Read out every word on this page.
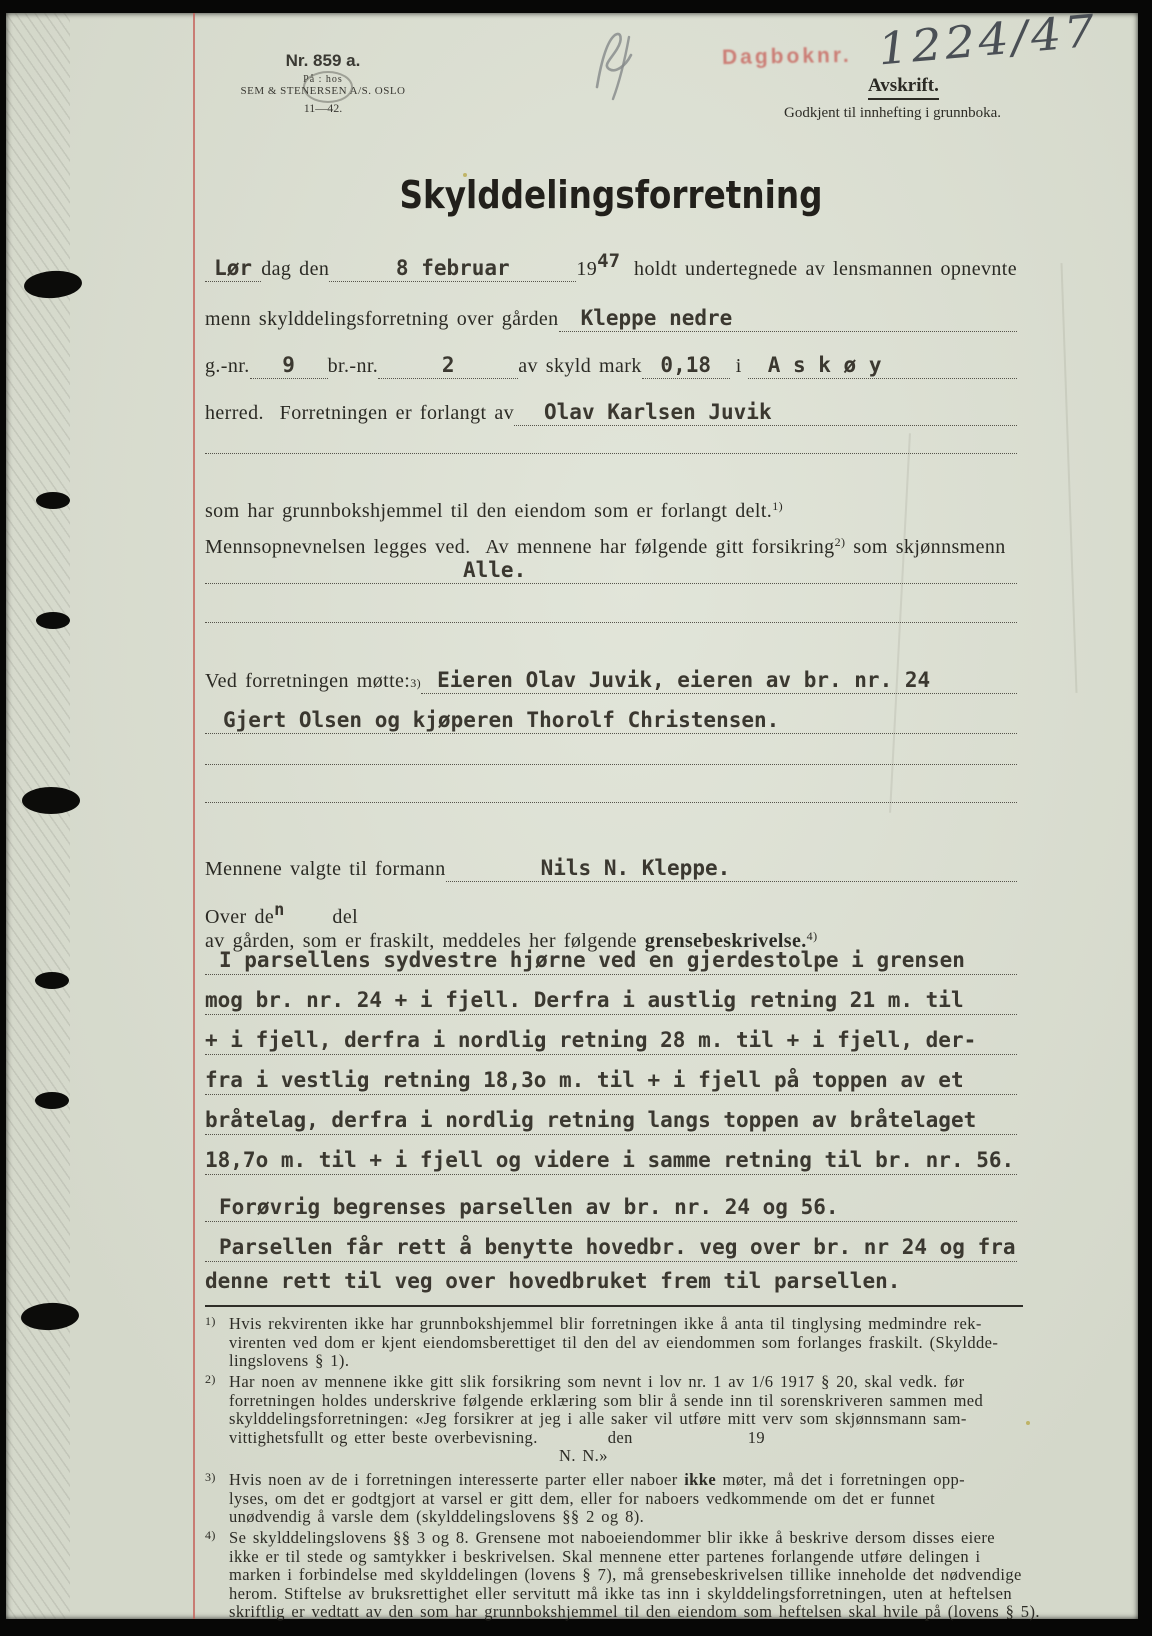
Nr. 859 a.
På : hos
SEM & STENERSEN A/S. OSLO
11—42.
Dagboknr. 1224/47
Avskrift.
Godkjent til innhefting i grunnboka.
Skylddelingsforretning
Lør dag den	8 februar	19 47 holdt undertegnede av lensmannen opnevnte
menn skylddelingsforretning over gården	Kleppe nedre
g.-nr.	9	br.-nr.	2	av skyld mark 0,18	i	A s k ø y
herred.  Forretningen er forlangt av	Olav Karlsen Juvik
som har grunnbokshjemmel til den eiendom som er forlangt delt.$^{1)}$
Mennsopnevnelsen legges ved.  Av mennene har følgende gitt forsikring$^{2)}$ som skjønnsmenn
Alle.
Ved forretningen møtte: 3) Eieren Olav Juvik, eieren av br. nr. 24
Gjert Olsen og kjøperen Thorolf Christensen.
Mennene valgte til formann	Nils N. Kleppe.
Over den delav gården, som er fraskilt, meddeles her følgende grensebeskrivelse.$^{4)}$
I parsellens sydvestre hjørne ved en gjerdestolpe i grensen
mog br. nr. 24 + i fjell. Derfra i austlig retning 21 m. til
+ i fjell, derfra i nordlig retning 28 m. til + i fjell, der-
fra i vestlig retning 18,3o m. til + i fjell på toppen av et
bråtelag, derfra i nordlig retning langs toppen av bråtelaget
18,7o m. til + i fjell og videre i samme retning til br. nr. 56.
Forøvrig begrenses parsellen av br. nr. 24 og 56.
Parsellen får rett å benytte hovedbr. veg over br. nr 24 og fra
denne rett til veg over hovedbruket frem til parsellen.
1) Hvis rekvirenten ikke har grunnbokshjemmel blir forretningen ikke å anta til tinglysing medmindre rek-
virenten ved dom er kjent eiendomsberettiget til den del av eiendommen som forlanges fraskilt. (Skyldde-
lingslovens § 1).
2) Har noen av mennene ikke gitt slik forsikring som nevnt i lov nr. 1 av 1/6 1917 § 20, skal vedk. før
forretningen holdes underskrive følgende erklæring som blir å sende inn til sorenskriveren sammen med
skylddelingsforretningen: «Jeg forsikrer at jeg i alle saker vil utføre mitt verv som skjønnsmann sam-
vittighetsfullt og etter beste overbevisning.	den	19
N. N.»
3) Hvis noen av de i forretningen interesserte parter eller naboer ikke møter, må det i forretningen opp-
lyses, om det er godtgjort at varsel er gitt dem, eller for naboers vedkommende om det er funnet
unødvendig å varsle dem (skylddelingslovens §§ 2 og 8).
4) Se skylddelingslovens §§ 3 og 8. Grensene mot naboeiendommer blir ikke å beskrive dersom disses eiere
ikke er til stede og samtykker i beskrivelsen. Skal mennene etter partenes forlangende utføre delingen i
marken i forbindelse med skylddelingen (lovens § 7), må grensebeskrivelsen tillike inneholde det nødvendige
herom. Stiftelse av bruksrettighet eller servitutt må ikke tas inn i skylddelingsforretningen, uten at heftelsen
skriftlig er vedtatt av den som har grunnbokshjemmel til den eiendom som heftelsen skal hvile på (lovens § 5).
